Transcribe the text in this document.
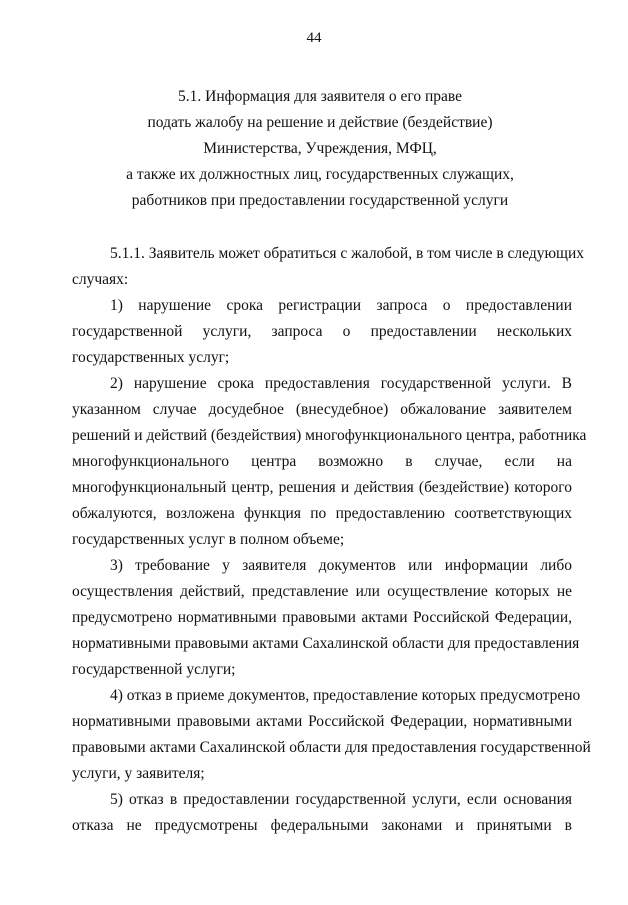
44
5.1. Информация для заявителя о его праве
подать жалобу на решение и действие (бездействие)
Министерства, Учреждения, МФЦ,
а также их должностных лиц, государственных служащих,
работников при предоставлении государственной услуги
5.1.1. Заявитель может обратиться с жалобой, в том числе в следующих
случаях:
1) нарушение срока регистрации запроса о предоставлении
государственной услуги, запроса о предоставлении нескольких
государственных услуг;
2) нарушение срока предоставления государственной услуги. В
указанном случае досудебное (внесудебное) обжалование заявителем
решений и действий (бездействия) многофункционального центра, работника
многофункционального центра возможно в случае, если на
многофункциональный центр, решения и действия (бездействие) которого
обжалуются, возложена функция по предоставлению соответствующих
государственных услуг в полном объеме;
3) требование у заявителя документов или информации либо
осуществления действий, представление или осуществление которых не
предусмотрено нормативными правовыми актами Российской Федерации,
нормативными правовыми актами Сахалинской области для предоставления
государственной услуги;
4) отказ в приеме документов, предоставление которых предусмотрено
нормативными правовыми актами Российской Федерации, нормативными
правовыми актами Сахалинской области для предоставления государственной
услуги, у заявителя;
5) отказ в предоставлении государственной услуги, если основания
отказа не предусмотрены федеральными законами и принятыми в
